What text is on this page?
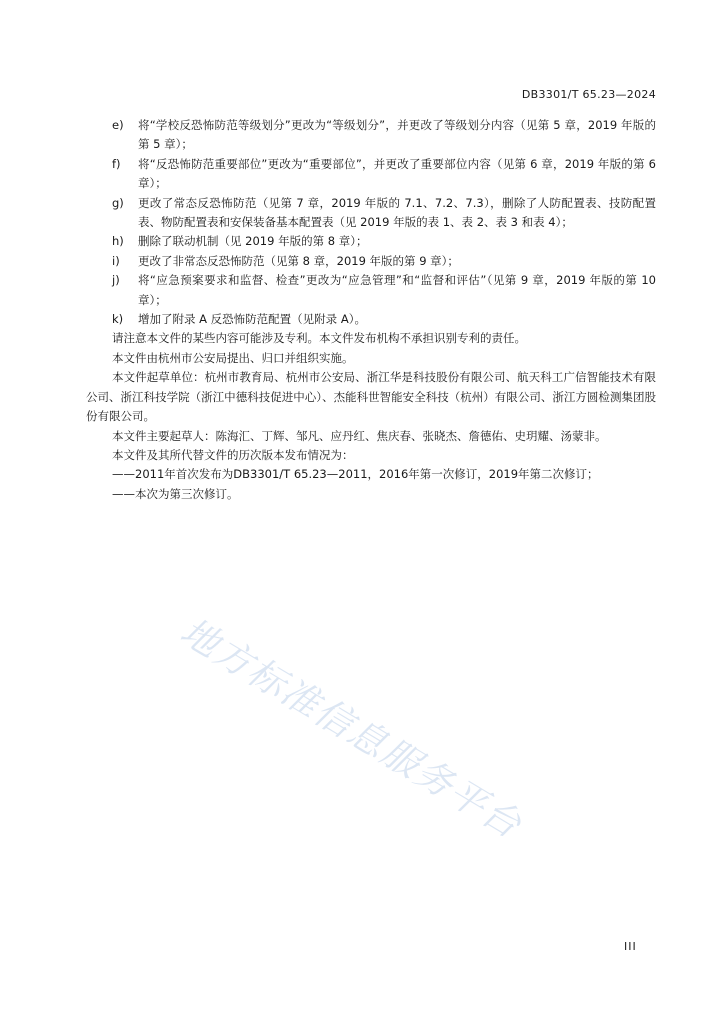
DB3301/T 65.23—2024
e)	将“学校反恐怖防范等级划分”更改为“等级划分”，并更改了等级划分内容（见第 5 章，2019 年版的第 5 章）；
f)	将“反恐怖防范重要部位”更改为“重要部位”，并更改了重要部位内容（见第 6 章，2019 年版的第 6 章）；
g)	更改了常态反恐怖防范（见第 7 章，2019 年版的 7.1、7.2、7.3），删除了人防配置表、技防配置表、物防配置表和安保装备基本配置表（见 2019 年版的表 1、表 2、表 3 和表 4）；
h)	删除了联动机制（见 2019 年版的第 8 章）；
i)	更改了非常态反恐怖防范（见第 8 章，2019 年版的第 9 章）；
j)	将“应急预案要求和监督、检查”更改为“应急管理”和“监督和评估”（见第 9 章，2019 年版的第 10 章）；
k)	增加了附录 A 反恐怖防范配置（见附录 A）。
请注意本文件的某些内容可能涉及专利。本文件发布机构不承担识别专利的责任。
本文件由杭州市公安局提出、归口并组织实施。
本文件起草单位：杭州市教育局、杭州市公安局、浙江华是科技股份有限公司、航天科工广信智能技术有限公司、浙江科技学院（浙江中德科技促进中心）、杰能科世智能安全科技（杭州）有限公司、浙江方圆检测集团股份有限公司。
本文件主要起草人：陈海汇、丁辉、邹凡、应丹红、焦庆春、张晓杰、詹德佑、史玥耀、汤蒙非。
本文件及其所代替文件的历次版本发布情况为：
——2011年首次发布为DB3301/T 65.23—2011，2016年第一次修订，2019年第二次修订；
——本次为第三次修订。
地方标准信息服务平台
III
